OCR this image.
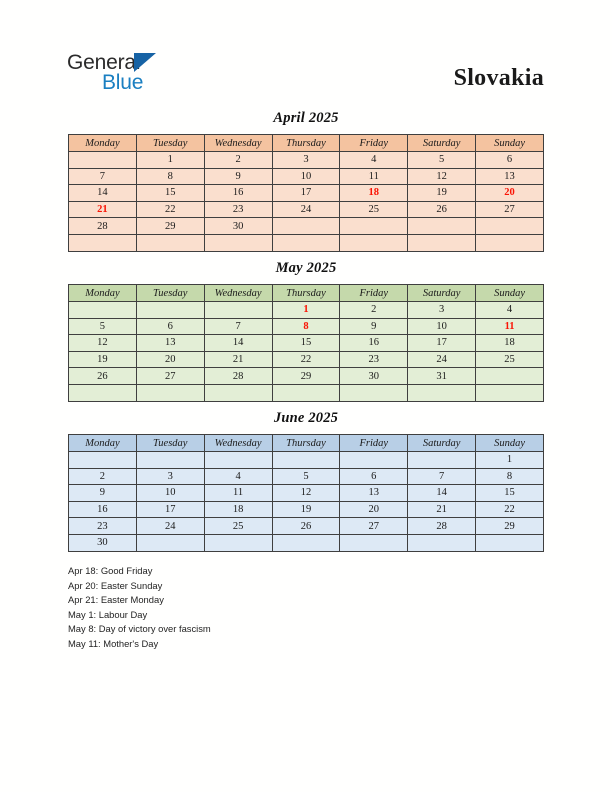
General
Blue	Slovakia
April 2025
Monday	Tuesday	Wednesday	Thursday	Friday	Saturday	Sunday
	1	2	3	4	5	6
7	8	9	10	11	12	13
14	15	16	17	18	19	20
21	22	23	24	25	26	27
28	29	30				

May 2025
Monday	Tuesday	Wednesday	Thursday	Friday	Saturday	Sunday
			1	2	3	4
5	6	7	8	9	10	11
12	13	14	15	16	17	18
19	20	21	22	23	24	25
26	27	28	29	30	31	

June 2025
Monday	Tuesday	Wednesday	Thursday	Friday	Saturday	Sunday
						1
2	3	4	5	6	7	8
9	10	11	12	13	14	15
16	17	18	19	20	21	22
23	24	25	26	27	28	29
30						
Apr 18: Good Friday
Apr 20: Easter Sunday
Apr 21: Easter Monday
May 1: Labour Day
May 8: Day of victory over fascism
May 11: Mother's Day
